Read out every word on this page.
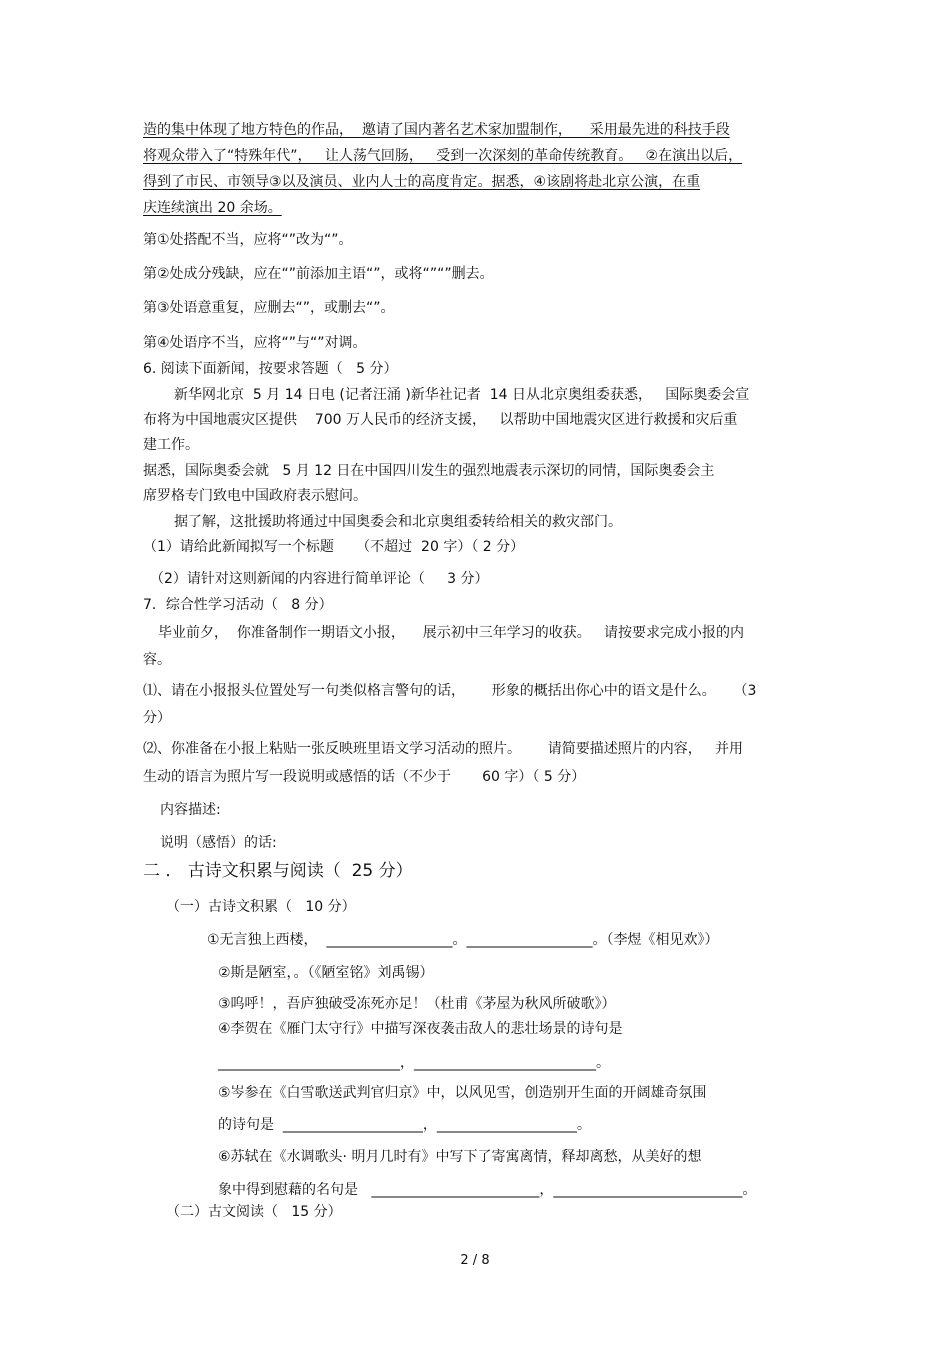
造的集中体现了地方特色的作品，  邀请了国内著名艺术家加盟制作，    采用最先进的科技手段
将观众带入了“特殊年代”，   让人荡气回肠，   受到一次深刻的革命传统教育。   ②在演出以后，
得到了市民、市领导③以及演员、业内人士的高度肯定。据悉，④该剧将赴北京公演，在重
庆连续演出 20 余场。
第①处搭配不当，应将“”改为“”。
第②处成分残缺，应在“”前添加主语“”，或将“”“”删去。
第③处语意重复，应删去“”，或删去“”。
第④处语序不当，应将“”与“”对调。
6. 阅读下面新闻，按要求答题（   5 分）
新华网北京  5 月 14 日电 (记者汪涌 )新华社记者  14 日从北京奥组委获悉，   国际奥委会宣
布将为中国地震灾区提供    700 万人民币的经济支援，   以帮助中国地震灾区进行救援和灾后重
建工作。
据悉，国际奥委会就   5 月 12 日在中国四川发生的强烈地震表示深切的同情，国际奥委会主
席罗格专门致电中国政府表示慰问。
据了解，这批援助将通过中国奥委会和北京奥组委转给相关的救灾部门。
（1）请给此新闻拟写一个标题     （不超过  20 字）（ 2 分）
（2）请针对这则新闻的内容进行简单评论（     3 分）
7．综合性学习活动（   8 分）
毕业前夕，  你准备制作一期语文小报，    展示初中三年学习的收获。   请按要求完成小报的内
容。
⑴、请在小报报头位置处写一句类似格言警句的话，      形象的概括出你心中的语文是什么。    （3
分）
⑵、你准备在小报上粘贴一张反映班里语文学习活动的照片。      请简要描述照片的内容，   并用
生动的语言为照片写一段说明或感悟的话（不少于       60 字）（ 5 分）
内容描述:
说明（感悟）的话:
二 ． 古诗文积累与阅读（  25 分）
（一）古诗文积累（   10 分）
①无言独上西楼，  __________________。__________________。（李煜《相见欢》）
②斯是陋室，。（《陋室铭》刘禹锡）
③呜呼！，吾庐独破受冻死亦足！（杜甫《茅屋为秋风所破歌》）
④李贺在《雁门太守行》中描写深夜袭击敌人的悲壮场景的诗句是
__________________________，__________________________。
⑤岑参在《白雪歌送武判官归京》中，以风见雪，创造别开生面的开阔雄奇氛围
的诗句是  ____________________，____________________。
⑥苏轼在《水调歌头· 明月几时有》中写下了寄寓离情，释却离愁，从美好的想
象中得到慰藉的名句是   ________________________，___________________________。
（二）古文阅读（   15 分）
2 / 8
